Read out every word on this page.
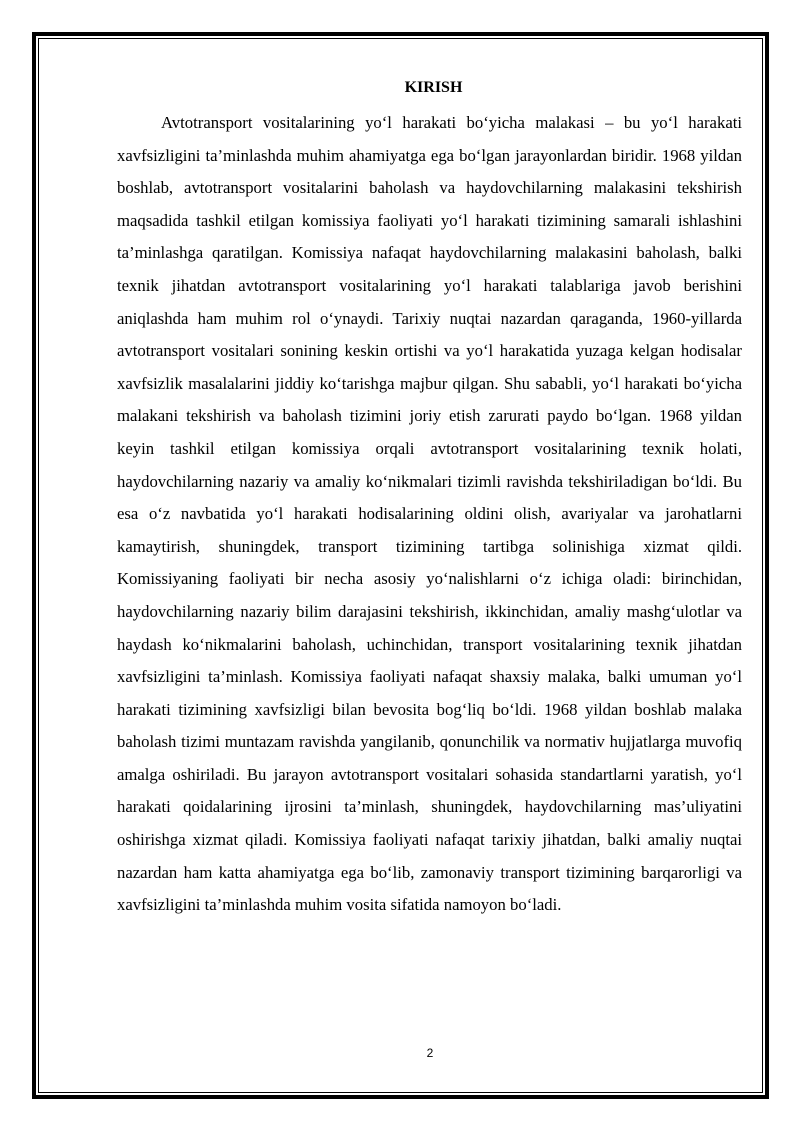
KIRISH

Avtotransport vositalarining yo‘l harakati bo‘yicha malakasi – bu yo‘l harakati xavfsizligini ta’minlashda muhim ahamiyatga ega bo‘lgan jarayonlardan biridir. 1968 yildan boshlab, avtotransport vositalarini baholash va haydovchilarning malakasini tekshirish maqsadida tashkil etilgan komissiya faoliyati yo‘l harakati tizimining samarali ishlashini ta’minlashga qaratilgan. Komissiya nafaqat haydovchilarning malakasini baholash, balki texnik jihatdan avtotransport vositalarining yo‘l harakati talablariga javob berishini aniqlashda ham muhim rol o‘ynaydi. Tarixiy nuqtai nazardan qaraganda, 1960-yillarda avtotransport vositalari sonining keskin ortishi va yo‘l harakatida yuzaga kelgan hodisalar xavfsizlik masalalarini jiddiy ko‘tarishga majbur qilgan. Shu sababli, yo‘l harakati bo‘yicha malakani tekshirish va baholash tizimini joriy etish zarurati paydo bo‘lgan. 1968 yildan keyin tashkil etilgan komissiya orqali avtotransport vositalarining texnik holati, haydovchilarning nazariy va amaliy ko‘nikmalari tizimli ravishda tekshiriladigan bo‘ldi. Bu esa o‘z navbatida yo‘l harakati hodisalarining oldini olish, avariyalar va jarohatlarni kamaytirish, shuningdek, transport tizimining tartibga solinishiga xizmat qildi. Komissiyaning faoliyati bir necha asosiy yo‘nalishlarni o‘z ichiga oladi: birinchidan, haydovchilarning nazariy bilim darajasini tekshirish, ikkinchidan, amaliy mashg‘ulotlar va haydash ko‘nikmalarini baholash, uchinchidan, transport vositalarining texnik jihatdan xavfsizligini ta’minlash. Komissiya faoliyati nafaqat shaxsiy malaka, balki umuman yo‘l harakati tizimining xavfsizligi bilan bevosita bog‘liq bo‘ldi. 1968 yildan boshlab malaka baholash tizimi muntazam ravishda yangilanib, qonunchilik va normativ hujjatlarga muvofiq amalga oshiriladi. Bu jarayon avtotransport vositalari sohasida standartlarni yaratish, yo‘l harakati qoidalarining ijrosini ta’minlash, shuningdek, haydovchilarning mas’uliyatini oshirishga xizmat qiladi. Komissiya faoliyati nafaqat tarixiy jihatdan, balki amaliy nuqtai nazardan ham katta ahamiyatga ega bo‘lib, zamonaviy transport tizimining barqarorligi va xavfsizligini ta’minlashda muhim vosita sifatida namoyon bo‘ladi.

2
